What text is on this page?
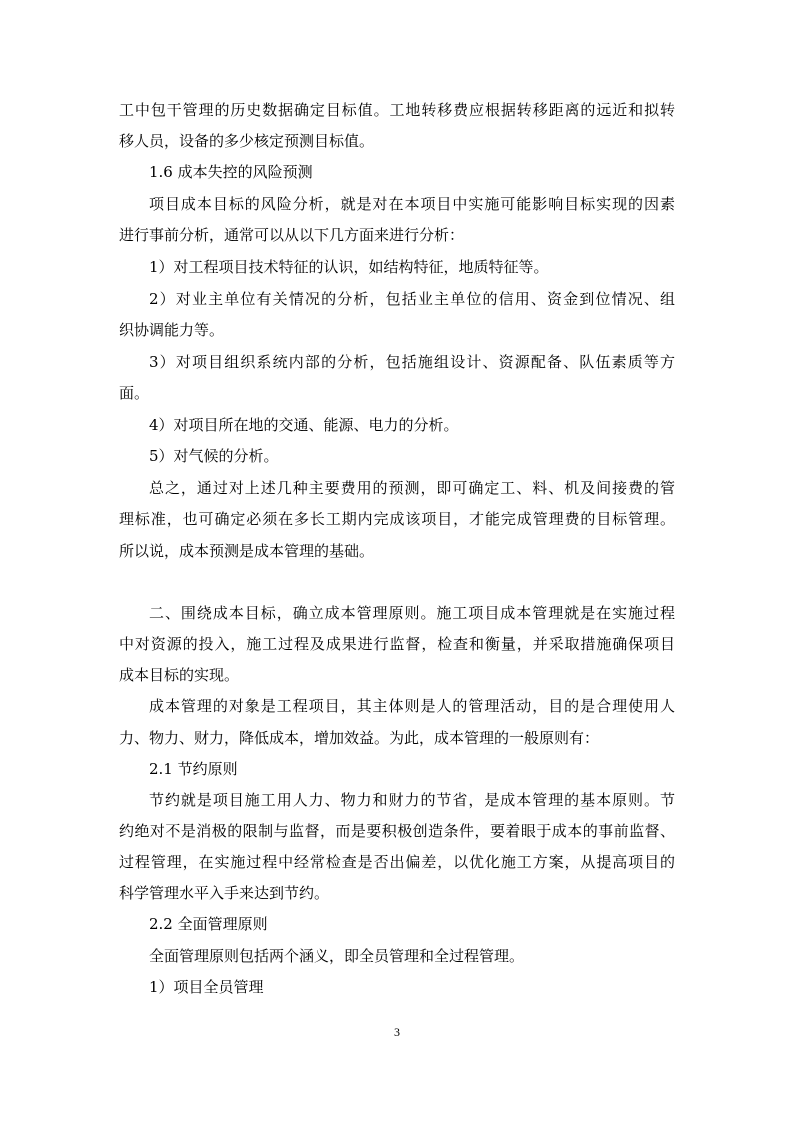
工中包干管理的历史数据确定目标值。工地转移费应根据转移距离的远近和拟转
移人员，设备的多少核定预测目标值。
1.6 成本失控的风险预测
项目成本目标的风险分析，就是对在本项目中实施可能影响目标实现的因素
进行事前分析，通常可以从以下几方面来进行分析：
1）对工程项目技术特征的认识，如结构特征，地质特征等。
2）对业主单位有关情况的分析，包括业主单位的信用、资金到位情况、组
织协调能力等。
3）对项目组织系统内部的分析，包括施组设计、资源配备、队伍素质等方
面。
4）对项目所在地的交通、能源、电力的分析。
5）对气候的分析。
总之，通过对上述几种主要费用的预测，即可确定工、料、机及间接费的管
理标准，也可确定必须在多长工期内完成该项目，才能完成管理费的目标管理。
所以说，成本预测是成本管理的基础。
二、围绕成本目标，确立成本管理原则。施工项目成本管理就是在实施过程
中对资源的投入，施工过程及成果进行监督，检查和衡量，并采取措施确保项目
成本目标的实现。
成本管理的对象是工程项目，其主体则是人的管理活动，目的是合理使用人
力、物力、财力，降低成本，增加效益。为此，成本管理的一般原则有：
2.1 节约原则
节约就是项目施工用人力、物力和财力的节省，是成本管理的基本原则。节
约绝对不是消极的限制与监督，而是要积极创造条件，要着眼于成本的事前监督、
过程管理，在实施过程中经常检查是否出偏差，以优化施工方案，从提高项目的
科学管理水平入手来达到节约。
2.2 全面管理原则
全面管理原则包括两个涵义，即全员管理和全过程管理。
1）项目全员管理
3
